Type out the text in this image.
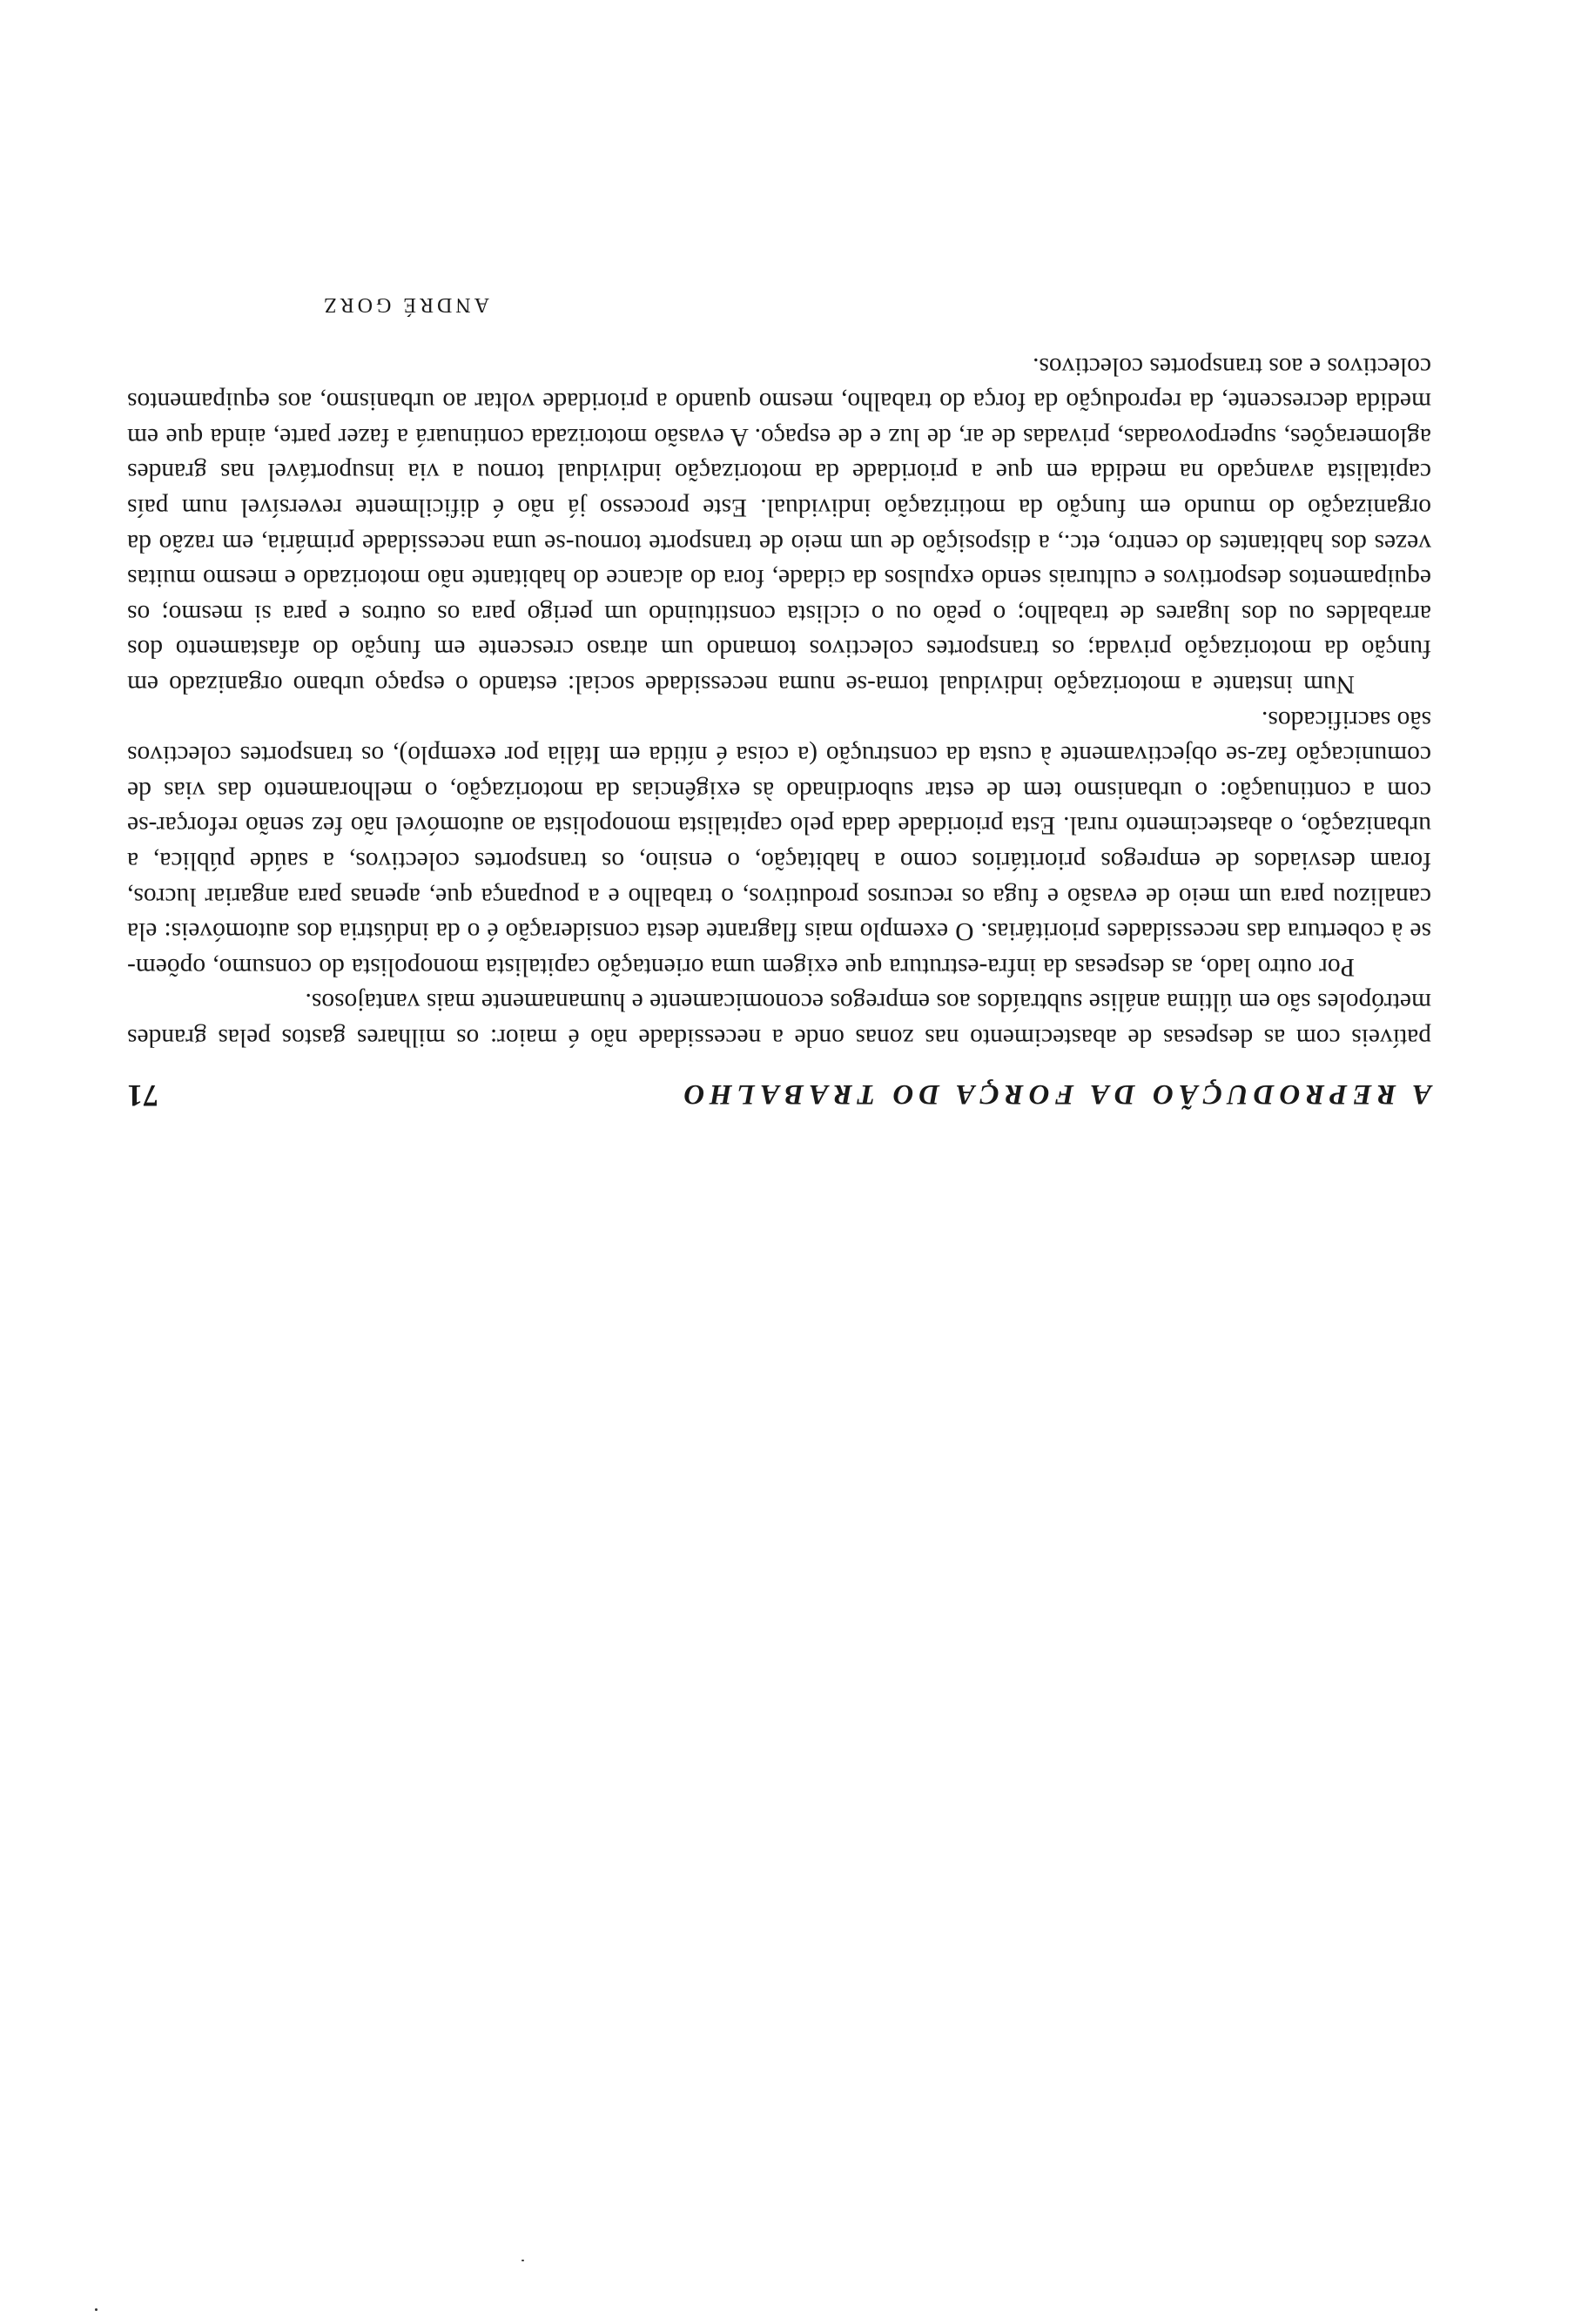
A REPRODUÇÃO DA FORÇA DO TRABALHO
71

patíveis com as despesas de abastecimento nas zonas onde a necessidade não é maior: os milhares gastos pelas grandes metrópoles são em última análise subtraídos aos empregos economicamente e humanamente mais vantajosos.

Por outro lado, as despesas da infra-estrutura que exigem uma orientação capitalista monopolista do consumo, opõem-se à cobertura das necessidades prioritárias. O exemplo mais flagrante desta consideração é o da indústria dos automóveis: ela canalizou para um meio de evasão e fuga os recursos produtivos, o trabalho e a poupança que, apenas para angariar lucros, foram desviados de empregos prioritários como a habitação, o ensino, os transportes colectivos, a saúde pública, a urbanização, o abastecimento rural. Esta prioridade dada pelo capitalista monopolista ao automóvel não fez senão reforçar-se com a continuação: o urbanismo tem de estar subordinado às exigências da motorização, o melhoramento das vias de comunicação faz-se objectivamente à custa da construção (a coisa é nítida em Itália por exemplo), os transportes colectivos são sacrificados.

Num instante a motorização individual torna-se numa necessidade social: estando o espaço urbano organizado em função da motorização privada; os transportes colectivos tomando um atraso crescente em função do afastamento dos arrabaldes ou dos lugares de trabalho; o peão ou o ciclista constituindo um perigo para os outros e para si mesmo; os equipamentos desportivos e culturais sendo expulsos da cidade, fora do alcance do habitante não motorizado e mesmo muitas vezes dos habitantes do centro, etc., a disposição de um meio de transporte tornou-se uma necessidade primária, em razão da organização do mundo em função da motirização individual. Este processo já não é dificilmente reversível num país capitalista avançado na medida em que a prioridade da motorização individual tornou a via insuportável nas grandes aglomerações, superpovoadas, privadas de ar, de luz e de espaço. A evasão motorizada continuará a fazer parte, ainda que em medida decrescente, da reprodução da força do trabalho, mesmo quando a prioridade voltar ao urbanismo, aos equipamentos colectivos e aos transportes colectivos.

ANDRÉ GORZ
